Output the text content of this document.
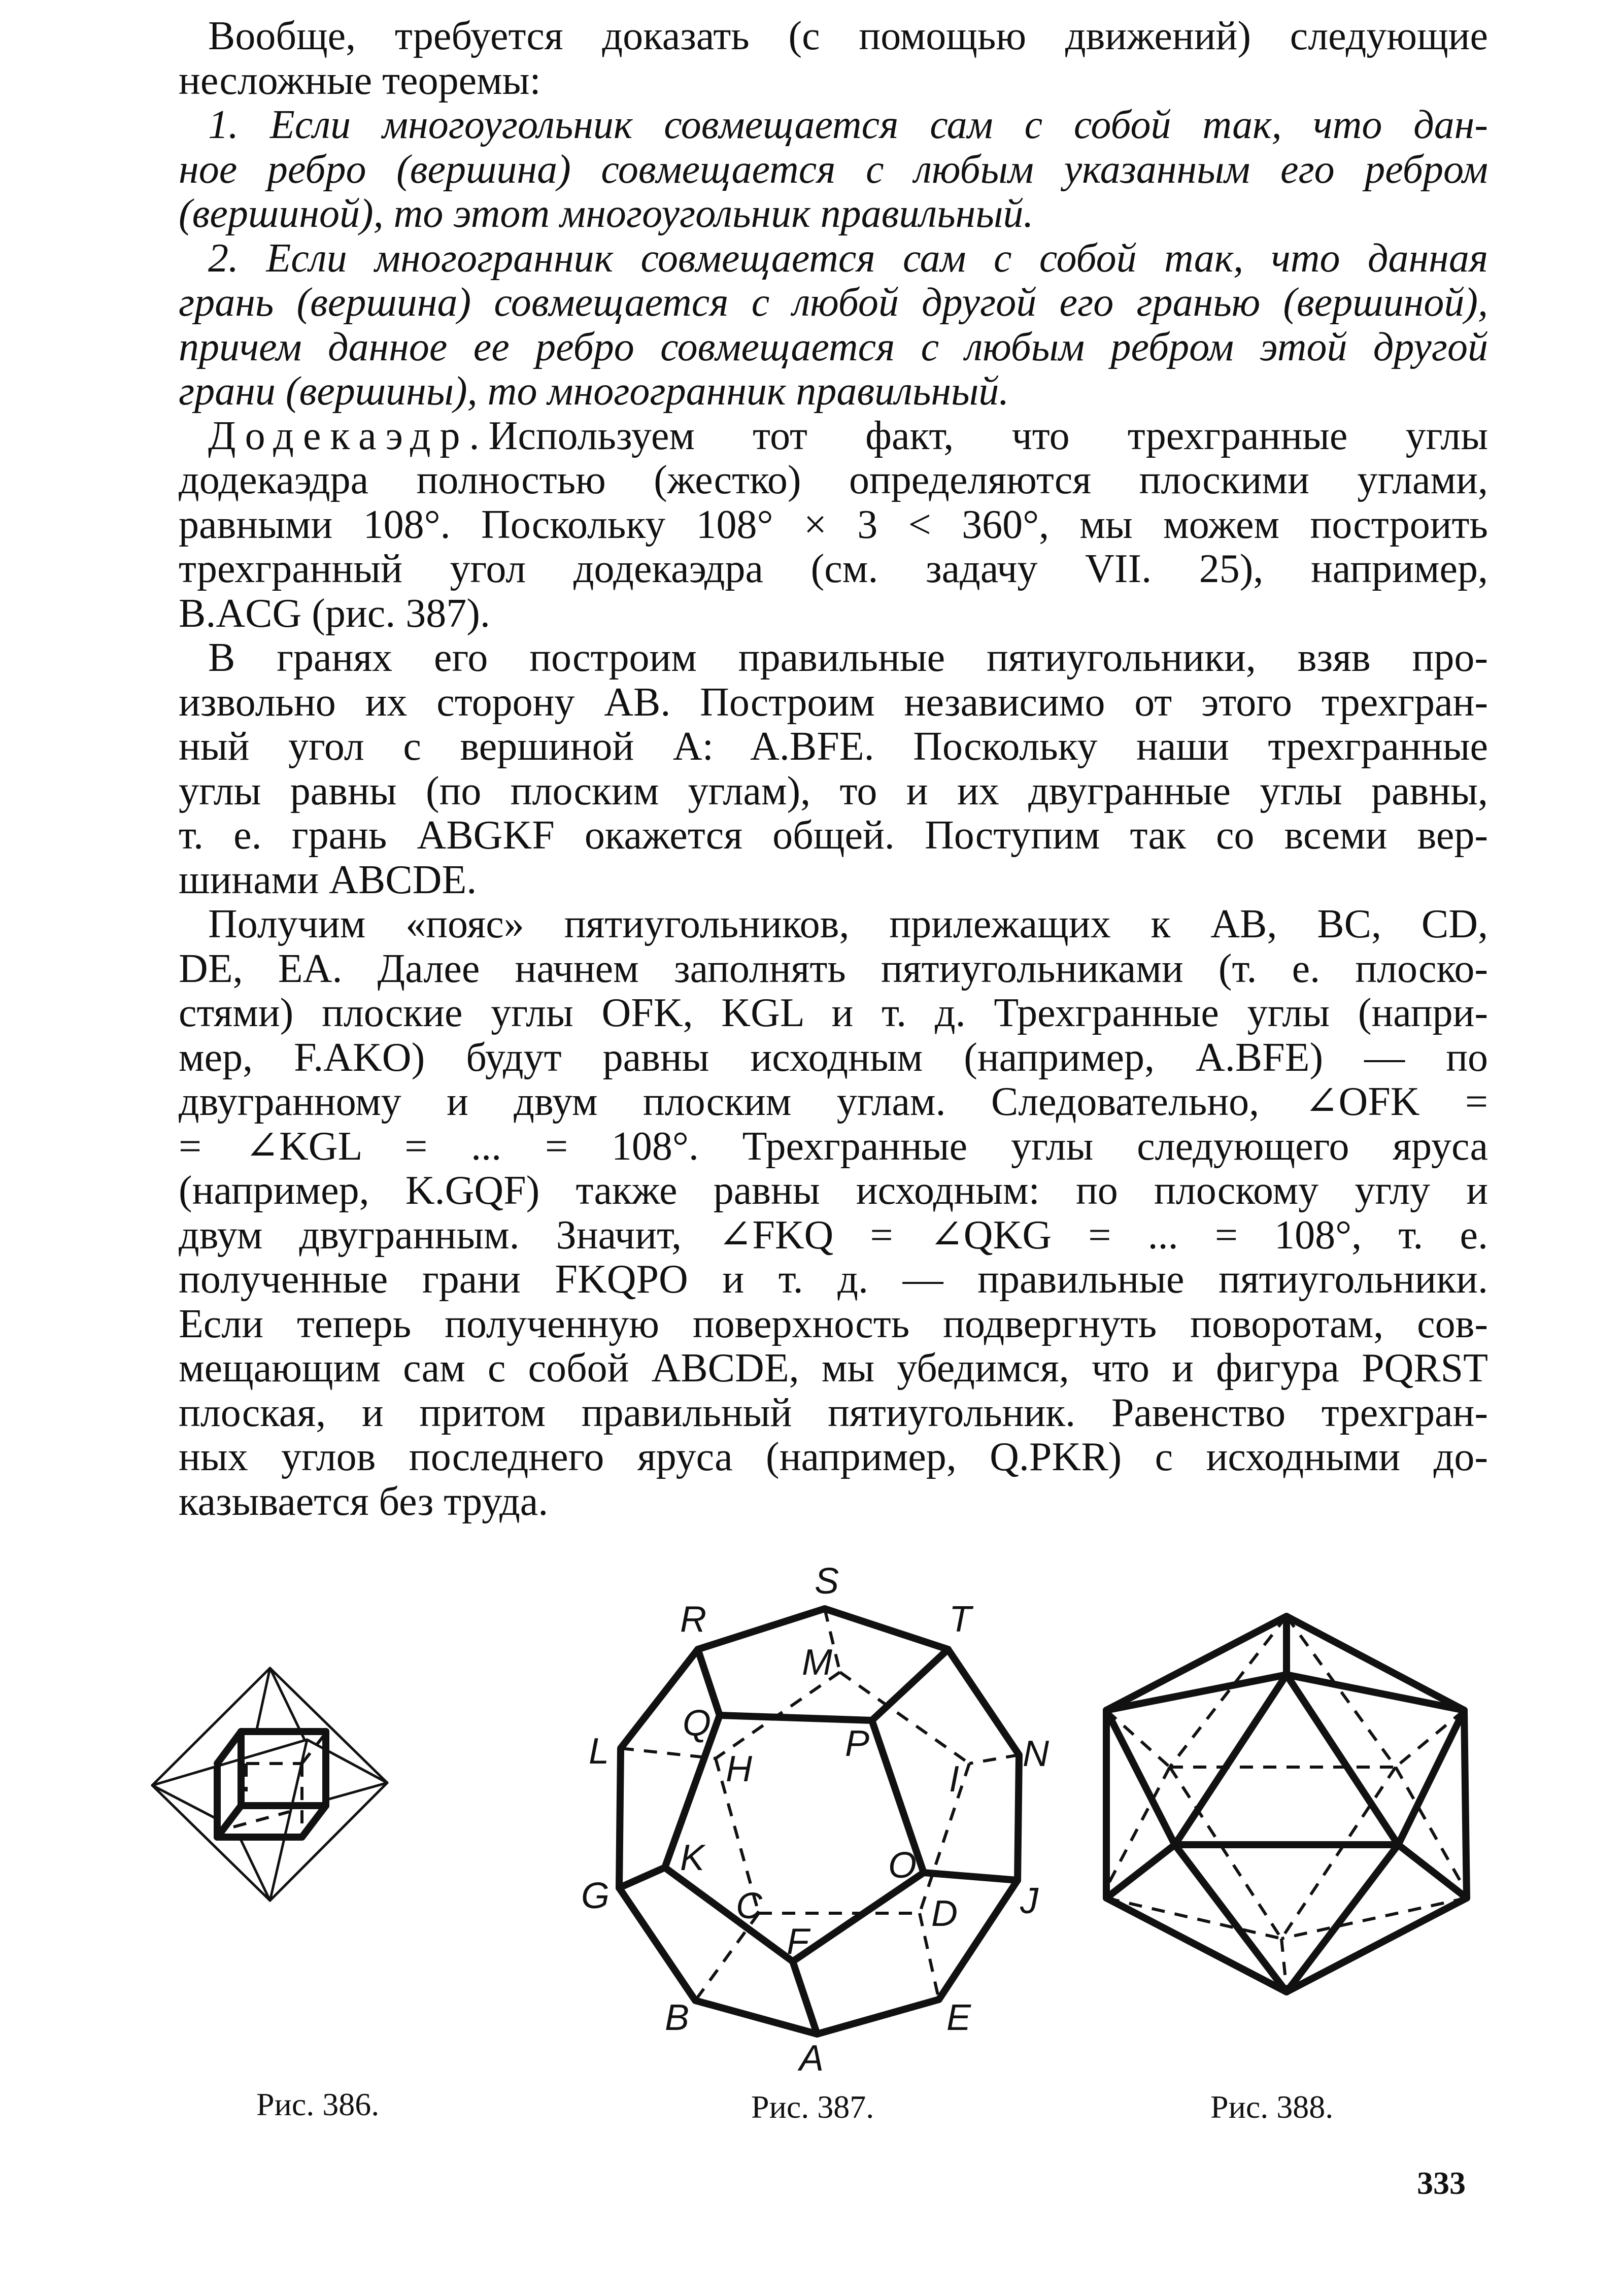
Вообще, требуется доказать (с помощью движений) следующие
несложные теоремы:
1. Если многоугольник совмещается сам с собой так, что дан-
ное ребро (вершина) совмещается с любым указанным его ребром
(вершиной), то этот многоугольник правильный.
2. Если многогранник совмещается сам с собой так, что данная
грань (вершина) совмещается с любой другой его гранью (вершиной),
причем данное ее ребро совмещается с любым ребром этой другой
грани (вершины), то многогранник правильный.
Додекаэдр. Используем тот факт, что трехгранные углы
додекаэдра полностью (жестко) определяются плоскими углами,
равными 108°. Поскольку 108° × 3 < 360°, мы можем построить
трехгранный угол додекаэдра (см. задачу VII. 25), например,
B.ACG (рис. 387).
В гранях его построим правильные пятиугольники, взяв про-
извольно их сторону AB. Построим независимо от этого трехгран-
ный угол с вершиной A: A.BFE. Поскольку наши трехгранные
углы равны (по плоским углам), то и их двугранные углы равны,
т. е. грань ABGKF окажется общей. Поступим так со всеми вер-
шинами ABCDE.
Получим «пояс» пятиугольников, прилежащих к AB, BC, CD,
DE, EA. Далее начнем заполнять пятиугольниками (т. е. плоско-
стями) плоские углы OFK, KGL и т. д. Трехгранные углы (напри-
мер, F.AKO) будут равны исходным (например, A.BFE) — по
двугранному и двум плоским углам. Следовательно, ∠OFK =
= ∠KGL = ... = 108°. Трехгранные углы следующего яруса
(например, K.GQF) также равны исходным: по плоскому углу и
двум двугранным. Значит, ∠FKQ = ∠QKG = ... = 108°, т. е.
полученные грани FKQPO и т. д. — правильные пятиугольники.
Если теперь полученную поверхность подвергнуть поворотам, сов-
мещающим сам с собой ABCDE, мы убедимся, что и фигура PQRST
плоская, и притом правильный пятиугольник. Равенство трехгран-
ных углов последнего яруса (например, Q.PKR) с исходными до-
казывается без труда.
S
R	T
M
Q	P
L	H	I
N
K	O
G	C	D J
F
B	E
A
Рис. 386.	Рис. 387.	Рис. 388.
333
